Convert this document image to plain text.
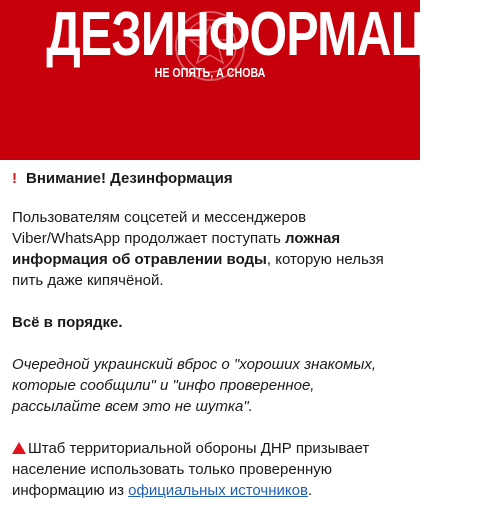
ДЕЗИНФОРМАЦИЯ
НЕ ОПЯТЬ, А СНОВА

! Внимание! Дезинформация

Пользователям соцсетей и мессенджеров Viber/WhatsApp продолжает поступать ложная информация об отравлении воды, которую нельзя пить даже кипячёной.

Всё в порядке.

Очередной украинский вброс о "хороших знакомых, которые сообщили" и "инфо проверенное, рассылайте всем это не шутка".

Штаб территориальной обороны ДНР призывает население использовать только проверенную информацию из официальных источников.
